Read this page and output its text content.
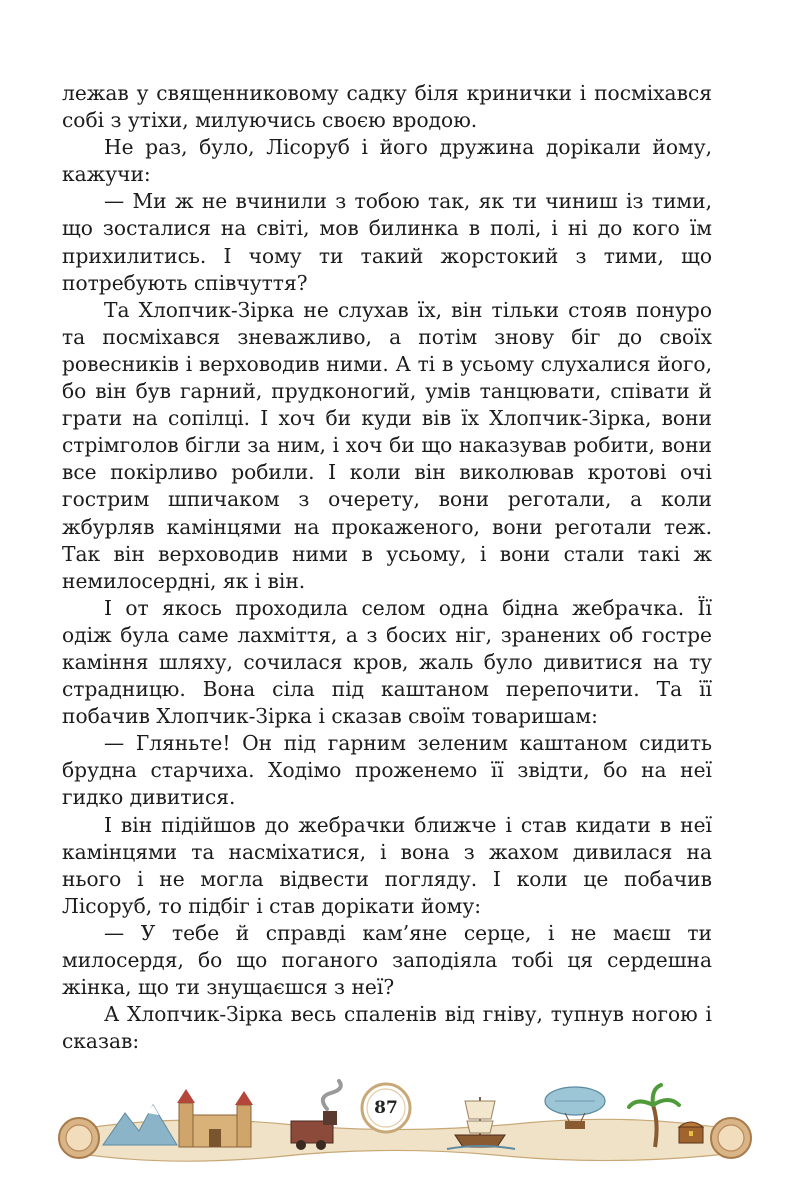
лежав у священниковому садку біля кринички і посміхався собі з утіхи, милуючись своєю вродою.

Не раз, було, Лісоруб і його дружина дорікали йому, кажучи:

— Ми ж не вчинили з тобою так, як ти чиниш із тими, що зосталися на світі, мов билинка в полі, і ні до кого їм прихилитись. І чому ти такий жорстокий з тими, що потребують співчуття?

Та Хлопчик-Зірка не слухав їх, він тільки стояв понуро та посміхався зневажливо, а потім знову біг до своїх ровесників і верховодив ними. А ті в усьому слухалися його, бо він був гарний, прудконогий, умів танцювати, співати й грати на сопілці. І хоч би куди вів їх Хлопчик-Зірка, вони стрімголов бігли за ним, і хоч би що наказував робити, вони все покірливо робили. І коли він виколював кротові очі гострим шпичаком з очерету, вони реготали, а коли жбурляв камінцями на прокаженого, вони реготали теж. Так він верховодив ними в усьому, і вони стали такі ж немилосердні, як і він.

І от якось проходила селом одна бідна жебрачка. Її одіж була саме лахміття, а з босих ніг, зранених об гостре каміння шляху, сочилася кров, жаль було дивитися на ту страдницю. Вона сіла під каштаном перепочити. Та її побачив Хлопчик-Зірка і сказав своїм товаришам:

— Гляньте! Он під гарним зеленим каштаном сидить брудна старчиха. Ходімо проженемо її звідти, бо на неї гидко дивитися.

І він підійшов до жебрачки ближче і став кидати в неї камінцями та насміхатися, і вона з жахом дивилася на нього і не могла відвести погляду. І коли це побачив Лісоруб, то підбіг і став дорікати йому:

— У тебе й справді кам’яне серце, і не маєш ти милосердя, бо що поганого заподіяла тобі ця сердешна жінка, що ти знущаєшся з неї?

А Хлопчик-Зірка весь спаленів від гніву, тупнув ногою і сказав:

87
